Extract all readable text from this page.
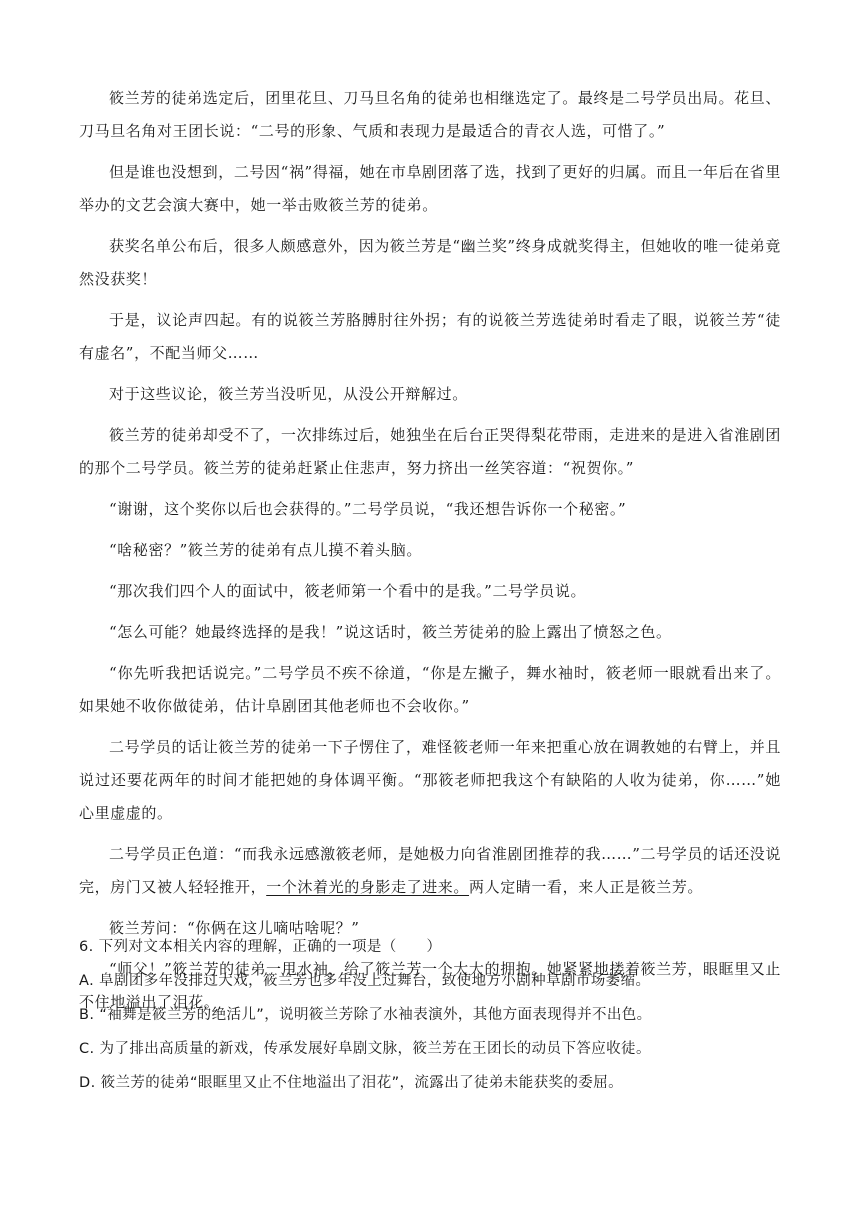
筱兰芳的徒弟选定后，团里花旦、刀马旦名角的徒弟也相继选定了。最终是二号学员出局。花旦、刀马旦名角对王团长说：“二号的形象、气质和表现力是最适合的青衣人选，可惜了。”

但是谁也没想到，二号因“祸”得福，她在市阜剧团落了选，找到了更好的归属。而且一年后在省里举办的文艺会演大赛中，她一举击败筱兰芳的徒弟。

获奖名单公布后，很多人颇感意外，因为筱兰芳是“幽兰奖”终身成就奖得主，但她收的唯一徒弟竟然没获奖！

于是，议论声四起。有的说筱兰芳胳膊肘往外拐；有的说筱兰芳选徒弟时看走了眼，说筱兰芳“徒有虚名”，不配当师父……

对于这些议论，筱兰芳当没听见，从没公开辩解过。

筱兰芳的徒弟却受不了，一次排练过后，她独坐在后台正哭得梨花带雨，走进来的是进入省淮剧团的那个二号学员。筱兰芳的徒弟赶紧止住悲声，努力挤出一丝笑容道：“祝贺你。”

“谢谢，这个奖你以后也会获得的。”二号学员说，“我还想告诉你一个秘密。”

“啥秘密？”筱兰芳的徒弟有点儿摸不着头脑。

“那次我们四个人的面试中，筱老师第一个看中的是我。”二号学员说。

“怎么可能？她最终选择的是我！”说这话时，筱兰芳徒弟的脸上露出了愤怒之色。

“你先听我把话说完。”二号学员不疾不徐道，“你是左撇子，舞水袖时，筱老师一眼就看出来了。如果她不收你做徒弟，估计阜剧团其他老师也不会收你。”

二号学员的话让筱兰芳的徒弟一下子愣住了，难怪筱老师一年来把重心放在调教她的右臂上，并且说过还要花两年的时间才能把她的身体调平衡。“那筱老师把我这个有缺陷的人收为徒弟，你……”她心里虚虚的。

二号学员正色道：“而我永远感激筱老师，是她极力向省淮剧团推荐的我……”二号学员的话还没说完，房门又被人轻轻推开，一个沐着光的身影走了进来。两人定睛一看，来人正是筱兰芳。

筱兰芳问：“你俩在这儿嘀咕啥呢？”

“师父！”筱兰芳的徒弟一甩水袖，给了筱兰芳一个大大的拥抱。她紧紧地搂着筱兰芳，眼眶里又止不住地溢出了泪花。

6. 下列对文本相关内容的理解，正确的一项是（　　）

A. 阜剧团多年没排过大戏，筱兰芳也多年没上过舞台，致使地方小剧种阜剧市场萎缩。

B. “袖舞是筱兰芳的绝活儿”，说明筱兰芳除了水袖表演外，其他方面表现得并不出色。

C. 为了排出高质量的新戏，传承发展好阜剧文脉，筱兰芳在王团长的动员下答应收徒。

D. 筱兰芳的徒弟“眼眶里又止不住地溢出了泪花”，流露出了徒弟未能获奖的委屈。
